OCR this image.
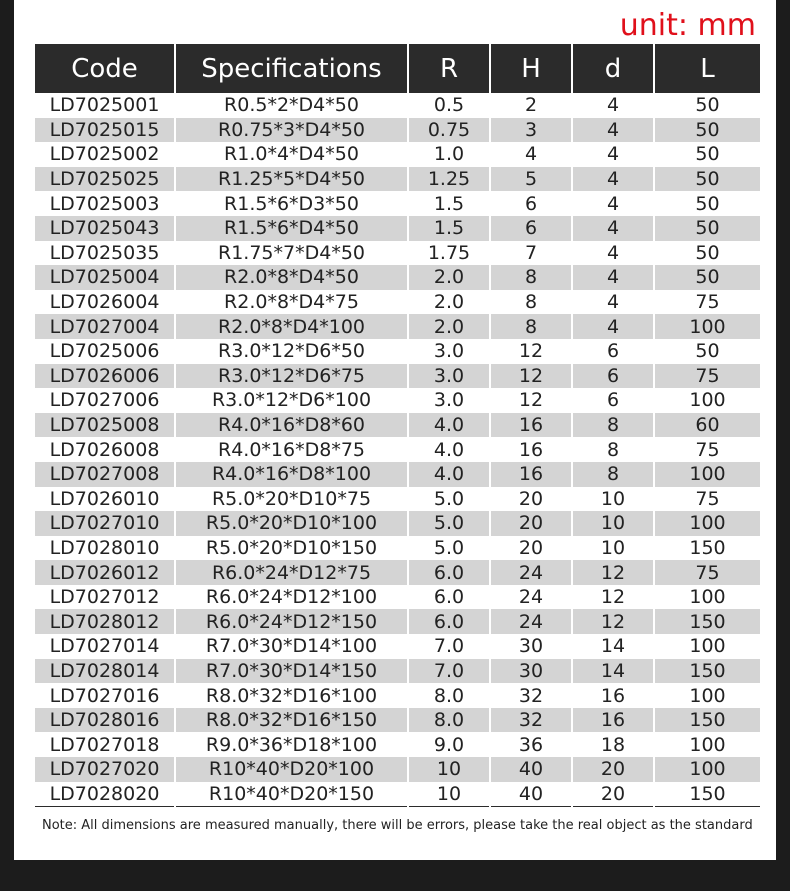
unit: mm
Code	Specifications	R	H	d	L
LD7025001	R0.5*2*D4*50	0.5	2	4	50
LD7025015	R0.75*3*D4*50	0.75	3	4	50
LD7025002	R1.0*4*D4*50	1.0	4	4	50
LD7025025	R1.25*5*D4*50	1.25	5	4	50
LD7025003	R1.5*6*D3*50	1.5	6	4	50
LD7025043	R1.5*6*D4*50	1.5	6	4	50
LD7025035	R1.75*7*D4*50	1.75	7	4	50
LD7025004	R2.0*8*D4*50	2.0	8	4	50
LD7026004	R2.0*8*D4*75	2.0	8	4	75
LD7027004	R2.0*8*D4*100	2.0	8	4	100
LD7025006	R3.0*12*D6*50	3.0	12	6	50
LD7026006	R3.0*12*D6*75	3.0	12	6	75
LD7027006	R3.0*12*D6*100	3.0	12	6	100
LD7025008	R4.0*16*D8*60	4.0	16	8	60
LD7026008	R4.0*16*D8*75	4.0	16	8	75
LD7027008	R4.0*16*D8*100	4.0	16	8	100
LD7026010	R5.0*20*D10*75	5.0	20	10	75
LD7027010	R5.0*20*D10*100	5.0	20	10	100
LD7028010	R5.0*20*D10*150	5.0	20	10	150
LD7026012	R6.0*24*D12*75	6.0	24	12	75
LD7027012	R6.0*24*D12*100	6.0	24	12	100
LD7028012	R6.0*24*D12*150	6.0	24	12	150
LD7027014	R7.0*30*D14*100	7.0	30	14	100
LD7028014	R7.0*30*D14*150	7.0	30	14	150
LD7027016	R8.0*32*D16*100	8.0	32	16	100
LD7028016	R8.0*32*D16*150	8.0	32	16	150
LD7027018	R9.0*36*D18*100	9.0	36	18	100
LD7027020	R10*40*D20*100	10	40	20	100
LD7028020	R10*40*D20*150	10	40	20	150
Note: All dimensions are measured manually, there will be errors, please take the real object as the standard
